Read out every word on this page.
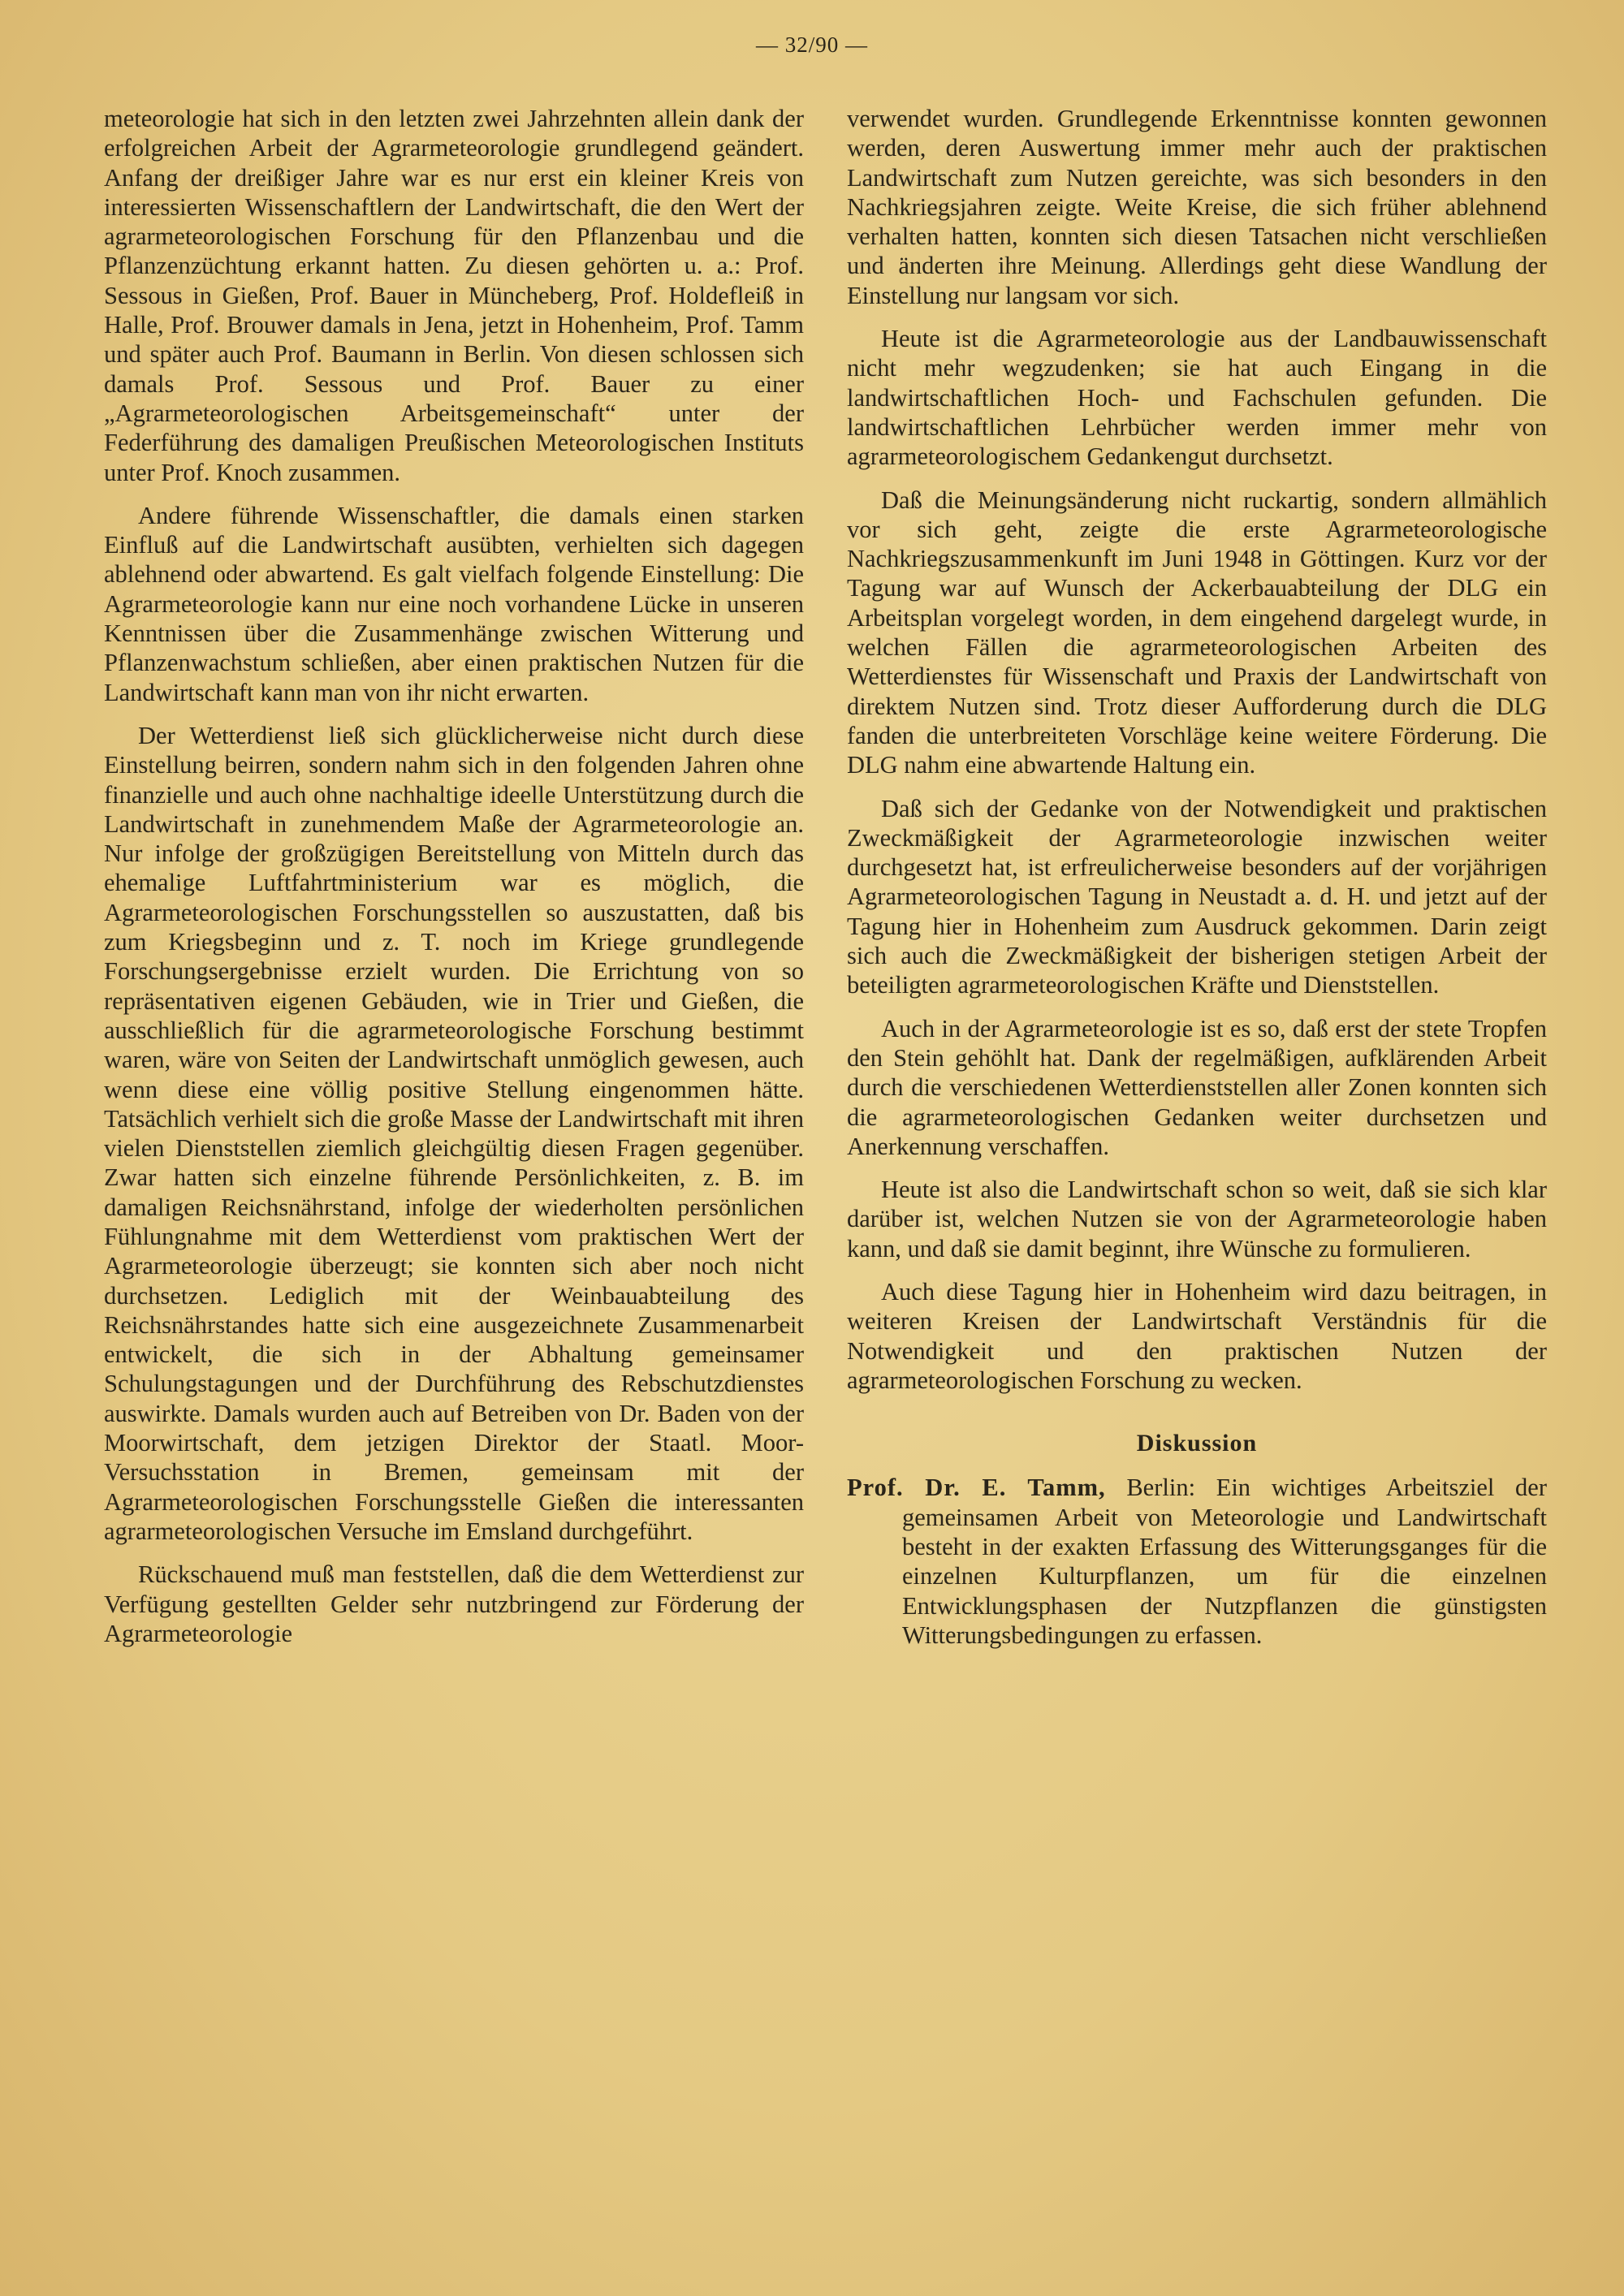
— 32/90 —

meteorologie hat sich in den letzten zwei Jahrzehnten allein dank der erfolgreichen Arbeit der Agrarmeteorologie grundlegend geändert. Anfang der dreißiger Jahre war es nur erst ein kleiner Kreis von interessierten Wissenschaftlern der Landwirtschaft, die den Wert der agrarmeteorologischen Forschung für den Pflanzenbau und die Pflanzenzüchtung erkannt hatten. Zu diesen gehörten u. a.: Prof. Sessous in Gießen, Prof. Bauer in Müncheberg, Prof. Holdefleiß in Halle, Prof. Brouwer damals in Jena, jetzt in Hohenheim, Prof. Tamm und später auch Prof. Baumann in Berlin. Von diesen schlossen sich damals Prof. Sessous und Prof. Bauer zu einer „Agrarmeteorologischen Arbeitsgemeinschaft“ unter der Federführung des damaligen Preußischen Meteorologischen Instituts unter Prof. Knoch zusammen.

Andere führende Wissenschaftler, die damals einen starken Einfluß auf die Landwirtschaft ausübten, verhielten sich dagegen ablehnend oder abwartend. Es galt vielfach folgende Einstellung: Die Agrarmeteorologie kann nur eine noch vorhandene Lücke in unseren Kenntnissen über die Zusammenhänge zwischen Witterung und Pflanzenwachstum schließen, aber einen praktischen Nutzen für die Landwirtschaft kann man von ihr nicht erwarten.

Der Wetterdienst ließ sich glücklicherweise nicht durch diese Einstellung beirren, sondern nahm sich in den folgenden Jahren ohne finanzielle und auch ohne nachhaltige ideelle Unterstützung durch die Landwirtschaft in zunehmendem Maße der Agrarmeteorologie an. Nur infolge der großzügigen Bereitstellung von Mitteln durch das ehemalige Luftfahrtministerium war es möglich, die Agrarmeteorologischen Forschungsstellen so auszustatten, daß bis zum Kriegsbeginn und z. T. noch im Kriege grundlegende Forschungsergebnisse erzielt wurden. Die Errichtung von so repräsentativen eigenen Gebäuden, wie in Trier und Gießen, die ausschließlich für die agrarmeteorologische Forschung bestimmt waren, wäre von Seiten der Landwirtschaft unmöglich gewesen, auch wenn diese eine völlig positive Stellung eingenommen hätte. Tatsächlich verhielt sich die große Masse der Landwirtschaft mit ihren vielen Dienststellen ziemlich gleichgültig diesen Fragen gegenüber. Zwar hatten sich einzelne führende Persönlichkeiten, z. B. im damaligen Reichsnährstand, infolge der wiederholten persönlichen Fühlungnahme mit dem Wetterdienst vom praktischen Wert der Agrarmeteorologie überzeugt; sie konnten sich aber noch nicht durchsetzen. Lediglich mit der Weinbauabteilung des Reichsnährstandes hatte sich eine ausgezeichnete Zusammenarbeit entwickelt, die sich in der Abhaltung gemeinsamer Schulungstagungen und der Durchführung des Rebschutzdienstes auswirkte. Damals wurden auch auf Betreiben von Dr. Baden von der Moorwirtschaft, dem jetzigen Direktor der Staatl. Moor-Versuchsstation in Bremen, gemeinsam mit der Agrarmeteorologischen Forschungsstelle Gießen die interessanten agrarmeteorologischen Versuche im Emsland durchgeführt.

Rückschauend muß man feststellen, daß die dem Wetterdienst zur Verfügung gestellten Gelder sehr nutzbringend zur Förderung der Agrarmeteorologie

verwendet wurden. Grundlegende Erkenntnisse konnten gewonnen werden, deren Auswertung immer mehr auch der praktischen Landwirtschaft zum Nutzen gereichte, was sich besonders in den Nachkriegsjahren zeigte. Weite Kreise, die sich früher ablehnend verhalten hatten, konnten sich diesen Tatsachen nicht verschließen und änderten ihre Meinung. Allerdings geht diese Wandlung der Einstellung nur langsam vor sich.

Heute ist die Agrarmeteorologie aus der Landbauwissenschaft nicht mehr wegzudenken; sie hat auch Eingang in die landwirtschaftlichen Hoch- und Fachschulen gefunden. Die landwirtschaftlichen Lehrbücher werden immer mehr von agrarmeteorologischem Gedankengut durchsetzt.

Daß die Meinungsänderung nicht ruckartig, sondern allmählich vor sich geht, zeigte die erste Agrarmeteorologische Nachkriegszusammenkunft im Juni 1948 in Göttingen. Kurz vor der Tagung war auf Wunsch der Ackerbauabteilung der DLG ein Arbeitsplan vorgelegt worden, in dem eingehend dargelegt wurde, in welchen Fällen die agrarmeteorologischen Arbeiten des Wetterdienstes für Wissenschaft und Praxis der Landwirtschaft von direktem Nutzen sind. Trotz dieser Aufforderung durch die DLG fanden die unterbreiteten Vorschläge keine weitere Förderung. Die DLG nahm eine abwartende Haltung ein.

Daß sich der Gedanke von der Notwendigkeit und praktischen Zweckmäßigkeit der Agrarmeteorologie inzwischen weiter durchgesetzt hat, ist erfreulicherweise besonders auf der vorjährigen Agrarmeteorologischen Tagung in Neustadt a. d. H. und jetzt auf der Tagung hier in Hohenheim zum Ausdruck gekommen. Darin zeigt sich auch die Zweckmäßigkeit der bisherigen stetigen Arbeit der beteiligten agrarmeteorologischen Kräfte und Dienststellen.

Auch in der Agrarmeteorologie ist es so, daß erst der stete Tropfen den Stein gehöhlt hat. Dank der regelmäßigen, aufklärenden Arbeit durch die verschiedenen Wetterdienststellen aller Zonen konnten sich die agrarmeteorologischen Gedanken weiter durchsetzen und Anerkennung verschaffen.

Heute ist also die Landwirtschaft schon so weit, daß sie sich klar darüber ist, welchen Nutzen sie von der Agrarmeteorologie haben kann, und daß sie damit beginnt, ihre Wünsche zu formulieren.

Auch diese Tagung hier in Hohenheim wird dazu beitragen, in weiteren Kreisen der Landwirtschaft Verständnis für die Notwendigkeit und den praktischen Nutzen der agrarmeteorologischen Forschung zu wecken.

Diskussion

Prof. Dr. E. Tamm, Berlin: Ein wichtiges Arbeitsziel der gemeinsamen Arbeit von Meteorologie und Landwirtschaft besteht in der exakten Erfassung des Witterungsganges für die einzelnen Kulturpflanzen, um für die einzelnen Entwicklungsphasen der Nutzpflanzen die günstigsten Witterungsbedingungen zu erfassen.
